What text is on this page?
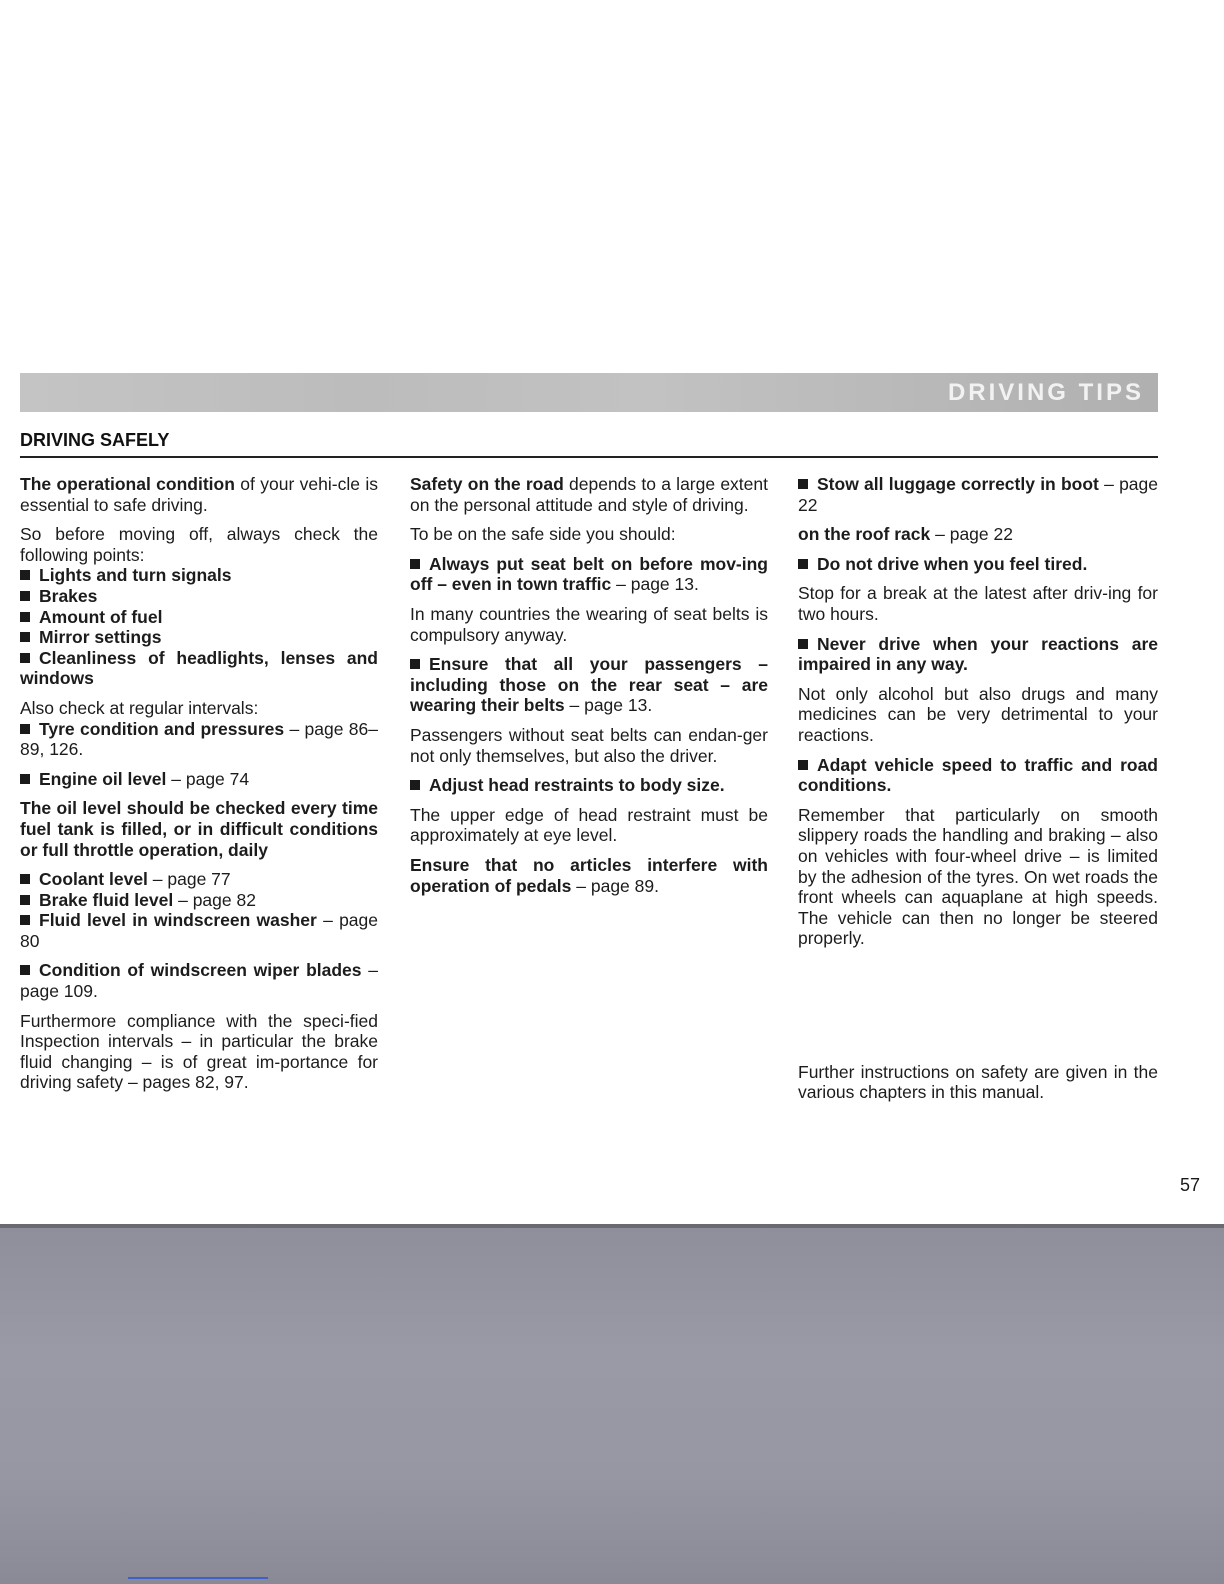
DRIVING TIPS
DRIVING SAFELY

The operational condition of your vehi-cle is essential to safe driving.

So before moving off, always check the following points:

Lights and turn signals
Brakes
Amount of fuel
Mirror settings
Cleanliness of headlights, lenses and windows

Also check at regular intervals:

Tyre condition and pressures – page 86–89, 126.

Engine oil level – page 74

The oil level should be checked every time fuel tank is filled, or in difficult conditions or full throttle operation, daily

Coolant level – page 77
Brake fluid level – page 82

Fluid level in windscreen washer – page 80

Condition of windscreen wiper blades – page 109.

Furthermore compliance with the speci-fied Inspection intervals – in particular the brake fluid changing – is of great im-portance for driving safety – pages 82, 97.

Safety on the road depends to a large extent on the personal attitude and style of driving.

To be on the safe side you should:

Always put seat belt on before mov-ing off – even in town traffic – page 13.

In many countries the wearing of seat belts is compulsory anyway.

Ensure that all your passengers – including those on the rear seat – are wearing their belts – page 13.

Passengers without seat belts can endan-ger not only themselves, but also the driver.

Adjust head restraints to body size.

The upper edge of head restraint must be approximately at eye level.

Ensure that no articles interfere with operation of pedals – page 89.

Stow all luggage correctly in boot – page 22

on the roof rack – page 22

Do not drive when you feel tired.

Stop for a break at the latest after driv-ing for two hours.

Never drive when your reactions are impaired in any way.

Not only alcohol but also drugs and many medicines can be very detrimental to your reactions.

Adapt vehicle speed to traffic and road conditions.

Remember that particularly on smooth slippery roads the handling and braking – also on vehicles with four-wheel drive – is limited by the adhesion of the tyres. On wet roads the front wheels can aquaplane at high speeds. The vehicle can then no longer be steered properly.

Further instructions on safety are given in the various chapters in this manual.

57
